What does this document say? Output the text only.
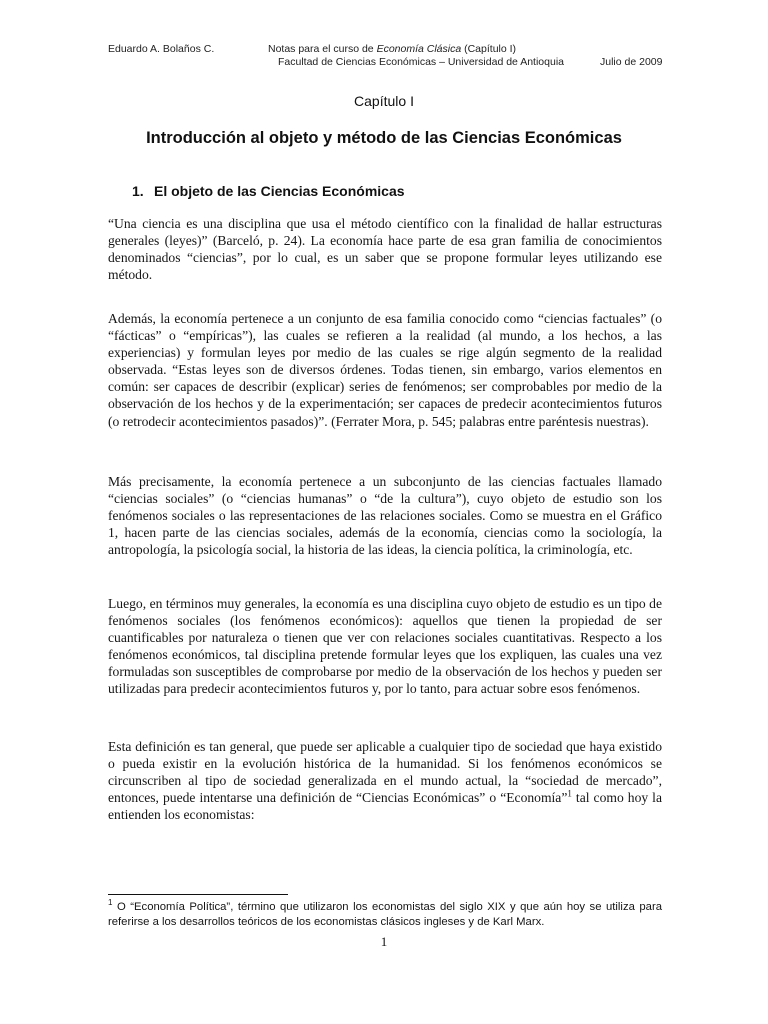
Eduardo A. Bolaños C.	Notas para el curso de Economía Clásica (Capítulo I)
Facultad de Ciencias Económicas – Universidad de Antioquia	Julio de 2009
Capítulo I
Introducción al objeto y método de las Ciencias Económicas
1. El objeto de las Ciencias Económicas

“Una ciencia es una disciplina que usa el método científico con la finalidad de hallar estructuras generales (leyes)” (Barceló, p. 24). La economía hace parte de esa gran familia de conocimientos denominados “ciencias”, por lo cual, es un saber que se propone formular leyes utilizando ese método.

Además, la economía pertenece a un conjunto de esa familia conocido como “ciencias factuales” (o “fácticas” o “empíricas”), las cuales se refieren a la realidad (al mundo, a los hechos, a las experiencias) y formulan leyes por medio de las cuales se rige algún segmento de la realidad observada. “Estas leyes son de diversos órdenes. Todas tienen, sin embargo, varios elementos en común: ser capaces de describir (explicar) series de fenómenos; ser comprobables por medio de la observación de los hechos y de la experimentación; ser capaces de predecir acontecimientos futuros (o retrodecir acontecimientos pasados)”. (Ferrater Mora, p. 545; palabras entre paréntesis nuestras).

Más precisamente, la economía pertenece a un subconjunto de las ciencias factuales llamado “ciencias sociales” (o “ciencias humanas” o “de la cultura”), cuyo objeto de estudio son los fenómenos sociales o las representaciones de las relaciones sociales. Como se muestra en el Gráfico 1, hacen parte de las ciencias sociales, además de la economía, ciencias como la sociología, la antropología, la psicología social, la historia de las ideas, la ciencia política, la criminología, etc.

Luego, en términos muy generales, la economía es una disciplina cuyo objeto de estudio es un tipo de fenómenos sociales (los fenómenos económicos): aquellos que tienen la propiedad de ser cuantificables por naturaleza o tienen que ver con relaciones sociales cuantitativas. Respecto a los fenómenos económicos, tal disciplina pretende formular leyes que los expliquen, las cuales una vez formuladas son susceptibles de comprobarse por medio de la observación de los hechos y pueden ser utilizadas para predecir acontecimientos futuros y, por lo tanto, para actuar sobre esos fenómenos.

Esta definición es tan general, que puede ser aplicable a cualquier tipo de sociedad que haya existido o pueda existir en la evolución histórica de la humanidad. Si los fenómenos económicos se circunscriben al tipo de sociedad generalizada en el mundo actual, la “sociedad de mercado”, entonces, puede intentarse una definición de “Ciencias Económicas” o “Economía”$^1$ tal como hoy la entienden los economistas:

$^1$ O “Economía Política”, término que utilizaron los economistas del siglo XIX y que aún hoy se utiliza para referirse a los desarrollos teóricos de los economistas clásicos ingleses y de Karl Marx.

1
